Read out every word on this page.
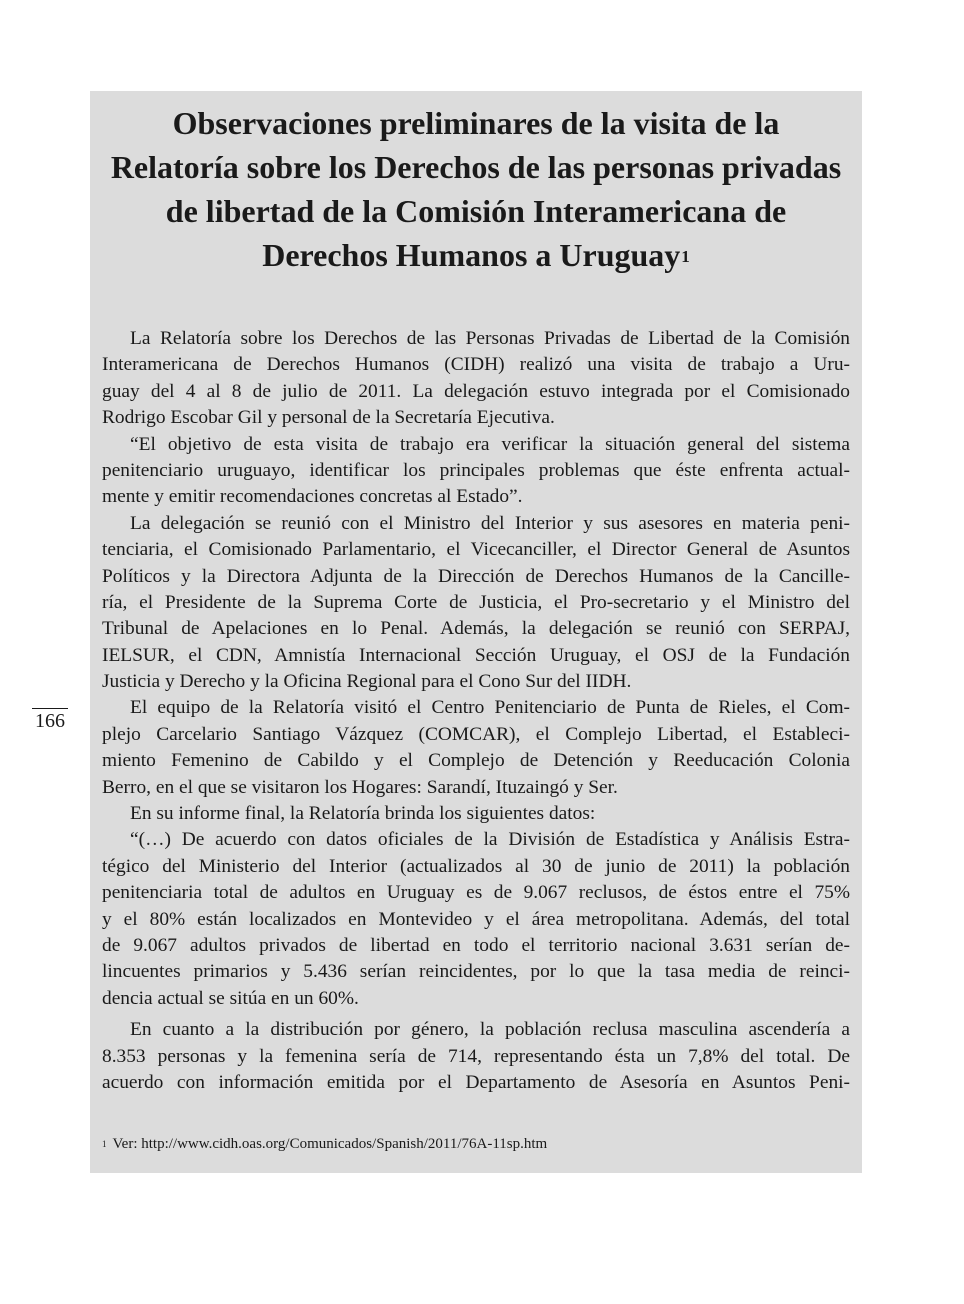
Observaciones preliminares de la visita de la
Relatoría sobre los Derechos de las personas privadas
de libertad de la Comisión Interamericana de
Derechos Humanos a Uruguay$^1$
La Relatoría sobre los Derechos de las Personas Privadas de Libertad de la Comisión
Interamericana de Derechos Humanos (CIDH) realizó una visita de trabajo a Uru-
guay del 4 al 8 de julio de 2011. La delegación estuvo integrada por el Comisionado
Rodrigo Escobar Gil y personal de la Secretaría Ejecutiva.
“El objetivo de esta visita de trabajo era verificar la situación general del sistema
penitenciario uruguayo, identificar los principales problemas que éste enfrenta actual-
mente y emitir recomendaciones concretas al Estado”.
La delegación se reunió con el Ministro del Interior y sus asesores en materia peni-
tenciaria, el Comisionado Parlamentario, el Vicecanciller, el Director General de Asuntos
Políticos y la Directora Adjunta de la Dirección de Derechos Humanos de la Cancille-
ría, el Presidente de la Suprema Corte de Justicia, el Pro-secretario y el Ministro del
Tribunal de Apelaciones en lo Penal. Además, la delegación se reunió con SERPAJ,
IELSUR, el CDN, Amnistía Internacional Sección Uruguay, el OSJ de la Fundación
Justicia y Derecho y la Oficina Regional para el Cono Sur del IIDH.
El equipo de la Relatoría visitó el Centro Penitenciario de Punta de Rieles, el Com-
plejo Carcelario Santiago Vázquez (COMCAR), el Complejo Libertad, el Estableci-
miento Femenino de Cabildo y el Complejo de Detención y Reeducación Colonia
Berro, en el que se visitaron los Hogares: Sarandí, Ituzaingó y Ser.
En su informe final, la Relatoría brinda los siguientes datos:
“(…) De acuerdo con datos oficiales de la División de Estadística y Análisis Estra-
tégico del Ministerio del Interior (actualizados al 30 de junio de 2011) la población
penitenciaria total de adultos en Uruguay es de 9.067 reclusos, de éstos entre el 75%
y el 80% están localizados en Montevideo y el área metropolitana. Además, del total
de 9.067 adultos privados de libertad en todo el territorio nacional 3.631 serían de-
lincuentes primarios y 5.436 serían reincidentes, por lo que la tasa media de reinci-
dencia actual se sitúa en un 60%.
En cuanto a la distribución por género, la población reclusa masculina ascendería a
8.353 personas y la femenina sería de 714, representando ésta un 7,8% del total. De
acuerdo con información emitida por el Departamento de Asesoría en Asuntos Peni-
$^1$ Ver: http://www.cidh.oas.org/Comunicados/Spanish/2011/76A-11sp.htm
166
